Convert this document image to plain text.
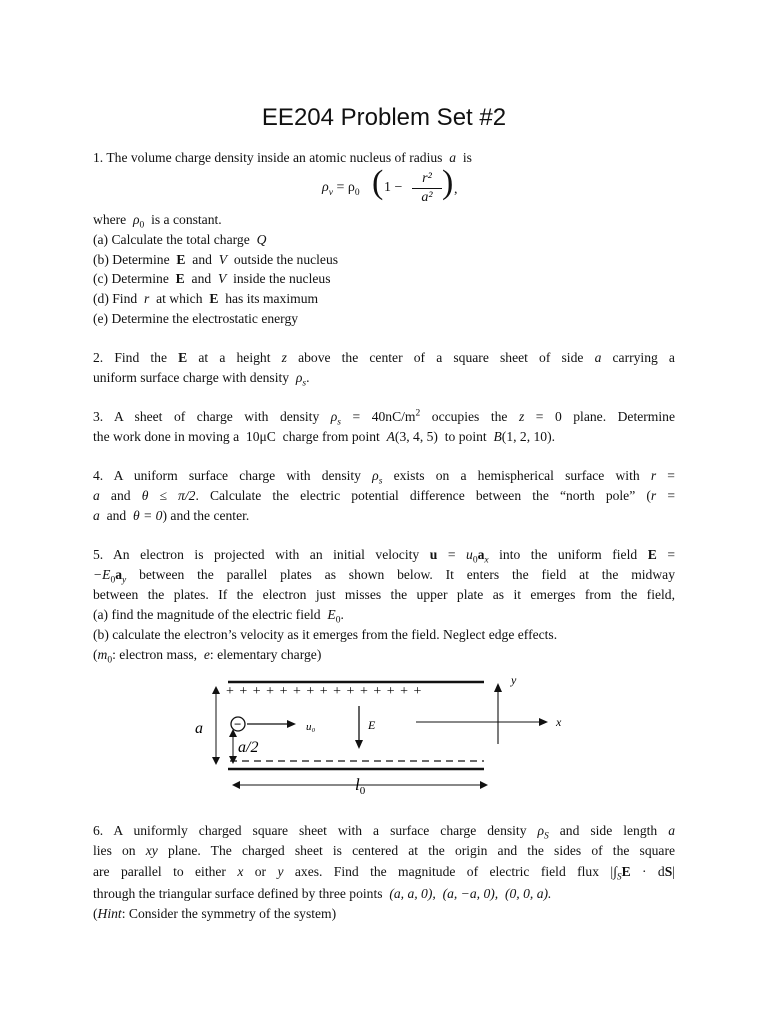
EE204 Problem Set #2
1. The volume charge density inside an atomic nucleus of radius a is
$\rho_v = \rho_0$ ( $1 - \frac{\text{r²}}{\text{a²}}$ ) ,
where $\rho_0$ is a constant.
(a) Calculate the total charge Q
(b) Determine E and V outside the nucleus
(c) Determine E and V inside the nucleus
(d) Find r at which E has its maximum
(e) Determine the electrostatic energy
2. Find the E at a height z above the center of a square sheet of side a carrying a
uniform surface charge with density $\rho_s$.
3. A sheet of charge with density $\rho_s = 40nC/m^2$ occupies the z = 0 plane. Determine
the work done in moving a 10μC charge from point A(3, 4, 5) to point B(1, 2, 10).
4. A uniform surface charge with density $\rho_s$ exists on a hemispherical surface with r =
a and θ ≤ π/2. Calculate the electric potential difference between the “north pole” (r =
a and θ = 0) and the center.
5. An electron is projected with an initial velocity $u = u_0a_x$ into the uniform field E =
$-E_0a_y$ between the parallel plates as shown below. It enters the field at the midway
between the plates. If the electron just misses the upper plate as it emerges from the field,
(a) find the magnitude of the electric field $E_0$.
(b) calculate the electron’s velocity as it emerges from the field. Neglect edge effects.
($m_0$: electron mass, e: elementary charge)
+ + + + + + + + + + + + + + +
a
a/2
−	u₀	E	x
y
$l_0$
6. A uniformly charged square sheet with a surface charge density $\rho_S$ and side length a
lies on xy plane. The charged sheet is centered at the origin and the sides of the square
are parallel to either x or y axes. Find the magnitude of electric field flux $|\int_SE \cdot dS|$
through the triangular surface defined by three points (a, a, 0), (a, −a, 0), (0, 0, a).
(Hint: Consider the symmetry of the system)
